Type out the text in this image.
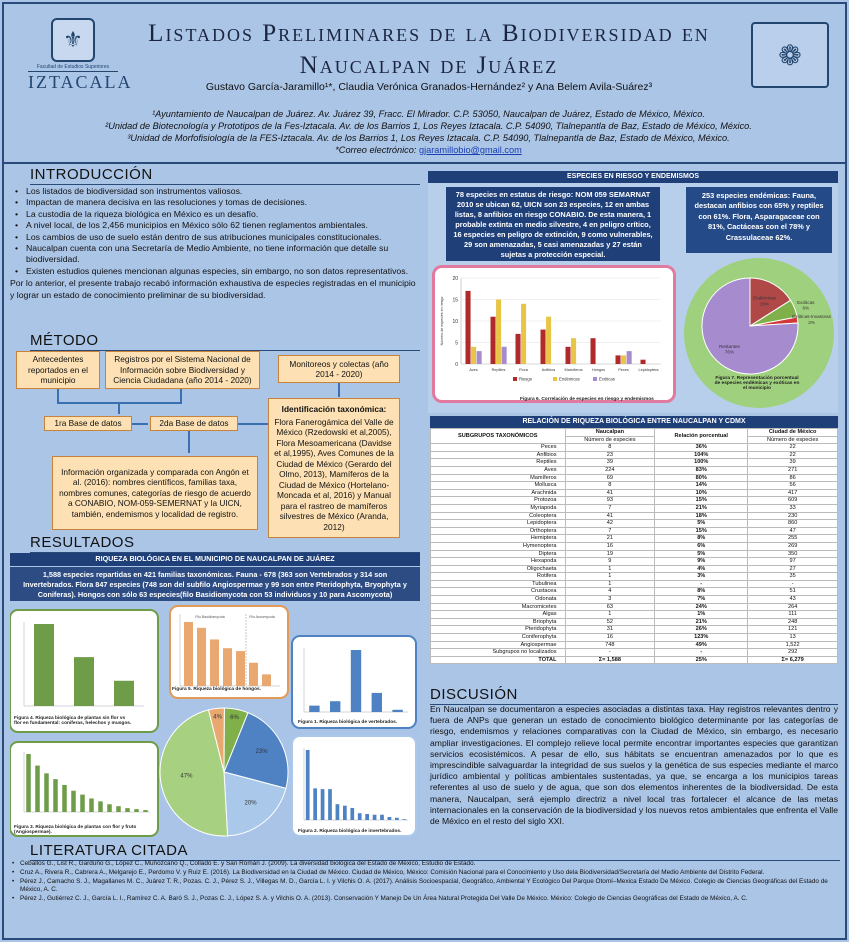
⚜
Facultad de Estudios Superiores
IZTACALA
Listados Preliminares de la Biodiversidad en
Naucalpan de Juárez	❁
Gustavo García-Jaramillo¹*, Claudia Verónica Granados-Hernández² y Ana Belem Avila-Suárez³
¹Ayuntamiento de Naucalpan de Juárez. Av. Juárez 39, Fracc. El Mirador. C.P. 53050, Naucalpan de Juárez, Estado de México, México.
²Unidad de Biotecnología y Prototipos de la Fes-Iztacala. Av. de los Barrios 1, Los Reyes Iztacala. C.P. 54090, Tlalnepantla de Baz, Estado de México, México.
³Unidad de Morfofisiología de la FES-Iztacala. Av. de los Barrios 1, Los Reyes Iztacala. C.P. 54090, Tlalnepantla de Baz, Estado de México, México.
*Correo electrónico: gjaramillobio@gmail.com
INTRODUCCIÓN
• Los listados de biodiversidad son instrumentos valiosos.
• Impactan de manera decisiva en las resoluciones y tomas de decisiones.
• La custodia de la riqueza biológica en México es un desafío.
• A nivel local, de los 2,456 municipios en México sólo 62 tienen reglamentos ambientales.
• Los cambios de uso de suelo están dentro de sus atribuciones municipales constitucionales.
• Naucalpan cuenta con una Secretaría de Medio Ambiente, no tiene información que detalle su biodiversidad.
• Existen estudios quienes mencionan algunas especies, sin embargo, no son datos representativos.

Por lo anterior, el presente trabajo recabó información exhaustiva de especies registradas en el municipio y lograr un estado de conocimiento preliminar de su biodiversidad.

MÉTODO
Antecedentes reportados en el municipio
Registros por el Sistema Nacional de Información sobre Biodiversidad y Ciencia Ciudadana (año 2014 - 2020)
Monitoreos y colectas (año 2014 - 2020)
1ra Base de datos	2da Base de datos
Identificación taxonómica:
Flora Fanerogámica del Valle de México (Rzedowski et al,2005), Flora Mesoamericana (Davidse et al,1995), Aves Comunes de la Ciudad de México (Gerardo del Olmo, 2013), Mamíferos de la Ciudad de México (Hortelano-Moncada et al, 2016) y Manual para el rastreo de mamíferos silvestres de México (Aranda, 2012)
Información organizada y comparada con Angón et al. (2016): nombres científicos, familias taxa, nombres comunes, categorías de riesgo de acuerdo a CONABIO, NOM-059-SEMERNAT y la UICN, también, endemismos y localidad de registro.
RESULTADOS
RIQUEZA BIOLÓGICA EN EL MUNICIPIO DE NAUCALPAN DE JUÁREZ
1,588 especies repartidas en 421 familias taxonómicas. Fauna - 678 (363 son Vertebrados y 314 son Invertebrados. Flora 847 especies (748 son del subfilo Angiospermae y 99 son entre Pteridophyta, Bryophyta y Coniferas). Hongos con sólo 63 especies(filo Basidiomycota con 53 individuos y 10 para Ascomycota)
Filo Basidiomycota	Filo Ascomycota
23%
20%
47%
4% 6%
Figura 4. Riqueza biológica de plantas sin flor vs flor en fundamental: coniferas, helechos y musgos.
Figura 5. Riqueza biológica de hongos.
Figura 1. Riqueza biológica de vertebrados.
Figura 3. Riqueza biológica de plantas con flor y fruto (Angiospermae).	Figura 2. Riqueza biológica de invertebrados.
ESPECIES EN RIESGO Y ENDEMISMOS
78 especies en estatus de riesgo: NOM 059 SEMARNAT 2010 se ubican 62, UICN son 23 especies, 12 en ambas listas, 8 anfibios en riesgo CONABIO. De esta manera, 1 probable extinta en medio silvestre, 4 en peligro crítico, 16 especies en peligro de extinción, 9 como vulnerables, 29 son amenazadas, 5 casi amenazadas y 27 están sujetas a protección especial.
253 especies endémicas: Fauna, destacan anfibios con 65% y reptiles con 61%. Flora, Asparagaceae con 81%, Cactáceas con el 78% y Crassulaceae 62%.
0
5
10
15
20
Número de especies en riesgo
Aves	Reptiles	Flora	Anfibios Mamíferos Hongos	Peces	Lepidoptera
Riesgo	Endémicas	Exóticas
Figura 6. Correlación de especies en riesgo y endemismos
Endémicas
16%	Exóticas
6%
Exóticas-Invasoras
2%
Restantes
76%
Figura 7. Representación porcentual de especies endémicas y exóticas en el municipio
RELACIÓN DE RIQUEZA BIOLÓGICA ENTRE NAUCALPAN Y CDMX
SUBGRUPOS TAXONÓMICOS	Naucalpan	Relación porcentual	Ciudad de México
	Número de especies		Número de especies
Peces	8	36%	22
Anfibios	23	104%	22
Reptiles	39	100%	39
Aves	224	83%	271
Mamíferos	69	80%	86
Mollusca	8	14%	56
Arachnida	41	10%	417
Protozoa	93	15%	609
Myriapoda	7	21%	33
Coleoptera	41	18%	230
Lepidoptera	42	5%	860
Orthoptera	7	15%	47
Hemiptera	21	8%	255
Hymenoptera	16	6%	269
Diptera	19	5%	350
Hexapoda	9	9%	97
Oligochaeta	1	4%	27
Rotifera	1	3%	35
Tubulinea	1	-	-
Crustacea	4	8%	51
Odonata	3	7%	43
Macromicetes	63	24%	264
Algas	1	1%	111
Briophyta	52	21%	248
Pteridophyta	31	26%	121
Coniferophyta	16	123%	13
Angiospermae	748	49%	1,522
Subgrupos no localizados	-	-	292
TOTAL	Σ= 1,588	25%	Σ= 6,279
DISCUSIÓN
En Naucalpan se documentaron a especies asociadas a distintas taxa. Hay registros relevantes dentro y fuera de ANPs que generan un estado de conocimiento biológico determinante por las categorías de riesgo, endemismos y relaciones comparativas con la Ciudad de México, sin embargo, es necesario ampliar investigaciones. El complejo relieve local permite encontrar importantes especies que garantizan servicios ecosistémicos. A pesar de ello, sus hábitats se encuentran amenazados por lo que es imprescindible salvaguardar la integridad de sus suelos y la genética de sus especies mediante el marco jurídico ambiental y políticas ambientales sustentadas, ya que, se encarga a los municipios tareas referentes al uso de suelo y de agua, que son dos elementos inherentes de la biodiversidad. De esta manera, Naucalpan, será ejemplo directriz a nivel local tras fortalecer el alcance de las metas internacionales en la conservación de la biodiversidad y los nuevos retos ambientales que enfrenta el Valle de México en el resto del siglo XXI.
LITERATURA CITADA
• Ceballos G., List R., Garduño G., López C., Muñozcano Q., Collado E. y San Román J. (2009). La diversidad biológica del Estado de México, Estudio de Estado.
• Cruz A., Rivera R., Cabrera A., Melgarejo E., Perdomo V. y Ruiz E. (2016). La Biodiversidad en la Ciudad de México. Ciudad de México, México: Comisión Nacional para el Conocimiento y Uso dela Biodiversidad/Secretaría del Medio Ambiente del Distrito Federal.
• Pérez J., Camacho S. J., Magallanes M. C., Juárez T. R., Pozas. C. J., Pérez S. J., Villegas M. D., García L. I. y Vilchis O. A. (2017). Análisis Socioespacial, Geográfico, Ambiental Y Ecológico Del Parque Otomí–Mexica Estado De México. Colegio de Ciencias Geográficas del Estado de México, A. C.
• Pérez J., Gutiérrez C. J., García L. I., Ramírez C. A. Baró S. J., Pozas C. J., López S. A. y Vilchis O. A. (2013). Conservación Y Manejo De Un Área Natural Protegida Del Valle De México. México: Colegio de Ciencias Geográficas del Estado de México, A. C.
